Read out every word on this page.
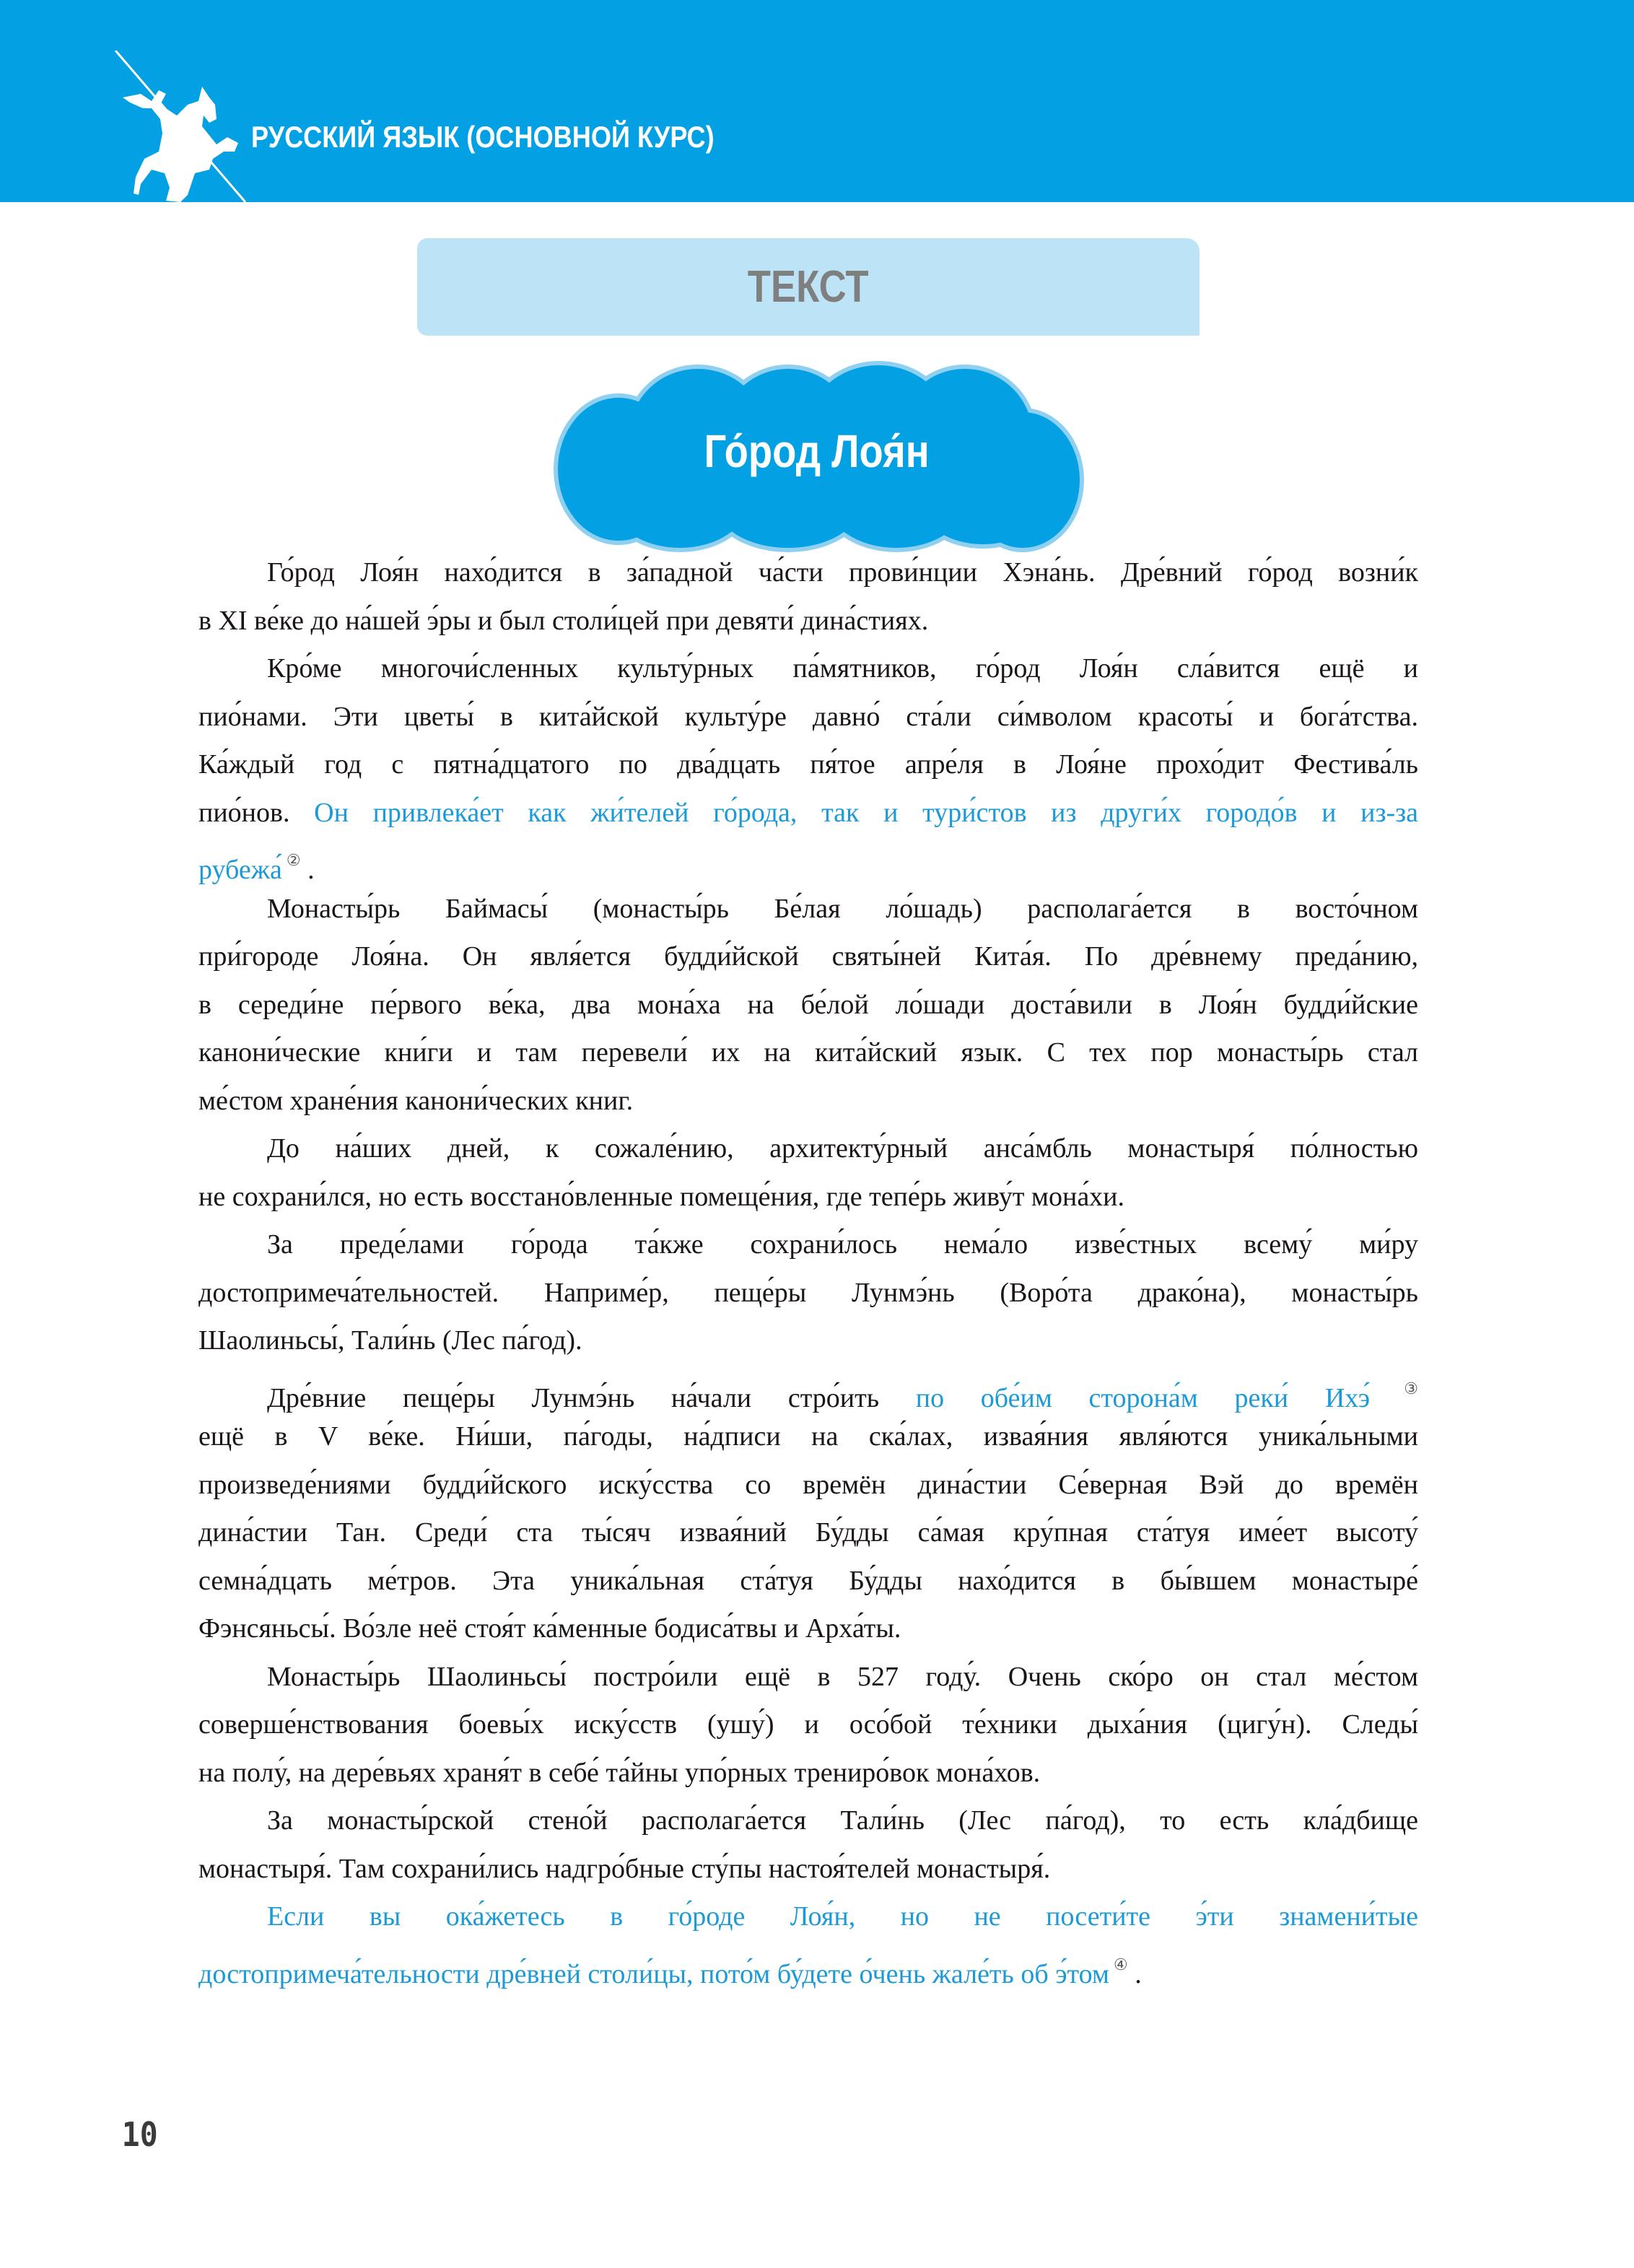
РУССКИЙ ЯЗЫК (ОСНОВНОЙ КУРС)
ТЕКСТ
Го́род Лоя́н
Го́род Лоя́н нахо́дится в за́падной ча́сти прови́нции Хэна́нь. Дре́вний го́род возни́к
в XI ве́ке до на́шей э́ры и был столи́цей при девяти́ дина́стиях.
Кро́ме многочи́сленных культу́рных па́мятников, го́род Лоя́н сла́вится ещё и
пио́нами. Эти цветы́ в кита́йской культу́ре давно́ ста́ли си́мволом красоты́ и бога́тства.
Ка́ждый год с пятна́дцатого по два́дцать пя́тое апре́ля в Лоя́не прохо́дит Фестива́ль
пио́нов. Он привлека́ет как жи́телей го́рода, так и тури́стов из други́х городо́в и из-за
рубежа́ ② .
Монасты́рь Баймасы́ (монасты́рь Бе́лая ло́шадь) располага́ется в восто́чном
при́городе Лоя́на. Он явля́ется будди́йской святы́ней Кита́я. По дре́внему преда́нию,
в середи́не пе́рвого ве́ка, два мона́ха на бе́лой ло́шади доста́вили в Лоя́н будди́йские
канони́ческие кни́ги и там перевели́ их на кита́йский язык. С тех пор монасты́рь стал
ме́стом хране́ния канони́ческих книг.
До на́ших дней, к сожале́нию, архитекту́рный анса́мбль монастыря́ по́лностью
не сохрани́лся, но есть восстано́вленные помеще́ния, где тепе́рь живу́т мона́хи.
За преде́лами го́рода та́кже сохрани́лось нема́ло изве́стных всему́ ми́ру
достопримеча́тельностей. Наприме́р, пеще́ры Лунмэ́нь (Воро́та драко́на), монасты́рь
Шаолиньсы́, Тали́нь (Лес па́год).
Дре́вние пеще́ры Лунмэ́нь на́чали стро́ить по обе́им сторона́м реки́ Ихэ́ ③
ещё в V ве́ке. Ни́ши, па́годы, на́дписи на ска́лах, извая́ния явля́ются уника́льными
произведе́ниями будди́йского иску́сства со времён дина́стии Се́верная Вэй до времён
дина́стии Тан. Среди́ ста ты́сяч извая́ний Бу́дды са́мая кру́пная ста́туя име́ет высоту́
семна́дцать ме́тров. Эта уника́льная ста́туя Бу́дды нахо́дится в бы́вшем монастыре́
Фэнсяньсы́. Во́зле неё стоя́т ка́менные бодиса́твы и Арха́ты.
Монасты́рь Шаолиньсы́ постро́или ещё в 527 году́. Очень ско́ро он стал ме́стом
соверше́нствования боевы́х иску́сств (ушу́) и осо́бой те́хники дыха́ния (цигу́н). Следы́
на полу́, на дере́вьях храня́т в себе́ та́йны упо́рных трениро́вок мона́хов.
За монасты́рской стено́й располага́ется Тали́нь (Лес па́год), то есть кла́дбище
монастыря́. Там сохрани́лись надгро́бные сту́пы настоя́телей монастыря́.
Если вы ока́жетесь в го́роде Лоя́н, но не посети́те э́ти знамени́тые
достопримеча́тельности дре́вней столи́цы, пото́м бу́дете о́чень жале́ть об э́том ④ .
10
